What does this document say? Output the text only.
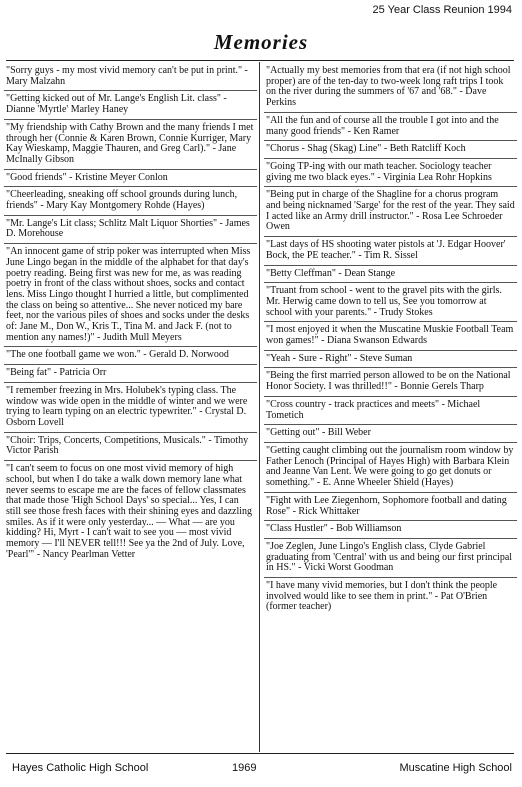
25 Year Class Reunion 1994
Memories

"Sorry guys - my most vivid memory can't be put in print." - Mary Malzahn

"Getting kicked out of Mr. Lange's English Lit. class" - Dianne 'Myrtle' Marley Haney

"My friendship with Cathy Brown and the many friends I met through her (Connie & Karen Brown, Connie Kurriger, Mary Kay Wieskamp, Maggie Thauren, and Greg Carl)." - Jane McInally Gibson

"Good friends" - Kristine Meyer Conlon

"Cheerleading, sneaking off school grounds during lunch, friends" - Mary Kay Montgomery Rohde (Hayes)

"Mr. Lange's Lit class; Schlitz Malt Liquor Shorties" - James D. Morehouse

"An innocent game of strip poker was interrupted when Miss June Lingo began in the middle of the alphabet for that day's poetry reading. Being first was new for me, as was reading poetry in front of the class without shoes, socks and contact lens. Miss Lingo thought I hurried a little, but complimented the class on being so attentive... She never noticed my bare feet, nor the various piles of shoes and socks under the desks of: Jane M., Don W., Kris T., Tina M. and Jack F. (not to mention any names!)" - Judith Mull Meyers

"The one football game we won." - Gerald D. Norwood

"Being fat" - Patricia Orr

"I remember freezing in Mrs. Holubek's typing class. The window was wide open in the middle of winter and we were trying to learn typing on an electric typewriter." - Crystal D. Osborn Lovell

"Choir: Trips, Concerts, Competitions, Musicals." - Timothy Victor Parish

"I can't seem to focus on one most vivid memory of high school, but when I do take a walk down memory lane what never seems to escape me are the faces of fellow classmates that made those 'High School Days' so special... Yes, I can still see those fresh faces with their shining eyes and dazzling smiles. As if it were only yesterday... — What — are you kidding? Hi, Myrt - I can't wait to see you — most vivid memory — I'll NEVER tell!!! See ya the 2nd of July. Love, 'Pearl'" - Nancy Pearlman Vetter

"Actually my best memories from that era (if not high school proper) are of the ten-day to two-week long raft trips I took on the river during the summers of '67 and '68." - Dave Perkins

"All the fun and of course all the trouble I got into and the many good friends" - Ken Ramer

"Chorus - Shag (Skag) Line" - Beth Ratcliff Koch

"Going TP-ing with our math teacher. Sociology teacher giving me two black eyes." - Virginia Lea Rohr Hopkins

"Being put in charge of the Shagline for a chorus program and being nicknamed 'Sarge' for the rest of the year. They said I acted like an Army drill instructor." - Rosa Lee Schroeder Owen

"Last days of HS shooting water pistols at 'J. Edgar Hoover' Bock, the PE teacher." - Tim R. Sissel

"Betty Cleffman" - Dean Stange

"Truant from school - went to the gravel pits with the girls. Mr. Herwig came down to tell us, See you tomorrow at school with your parents." - Trudy Stokes

"I most enjoyed it when the Muscatine Muskie Football Team won games!" - Diana Swanson Edwards

"Yeah - Sure - Right" - Steve Suman

"Being the first married person allowed to be on the National Honor Society. I was thrilled!!" - Bonnie Gerels Tharp

"Cross country - track practices and meets" - Michael Tometich

"Getting out" - Bill Weber

"Getting caught climbing out the journalism room window by Father Lenoch (Principal of Hayes High) with Barbara Klein and Jeanne Van Lent. We were going to go get donuts or something." - E. Anne Wheeler Shield (Hayes)

"Fight with Lee Ziegenhorn, Sophomore football and dating Rose" - Rick Whittaker

"Class Hustler" - Bob Williamson

"Joe Zeglen, June Lingo's English class, Clyde Gabriel graduating from 'Central' with us and being our first principal in HS." - Vicki Worst Goodman

"I have many vivid memories, but I don't think the people involved would like to see them in print." - Pat O'Brien (former teacher)

Hayes Catholic High School	1969	Muscatine High School
